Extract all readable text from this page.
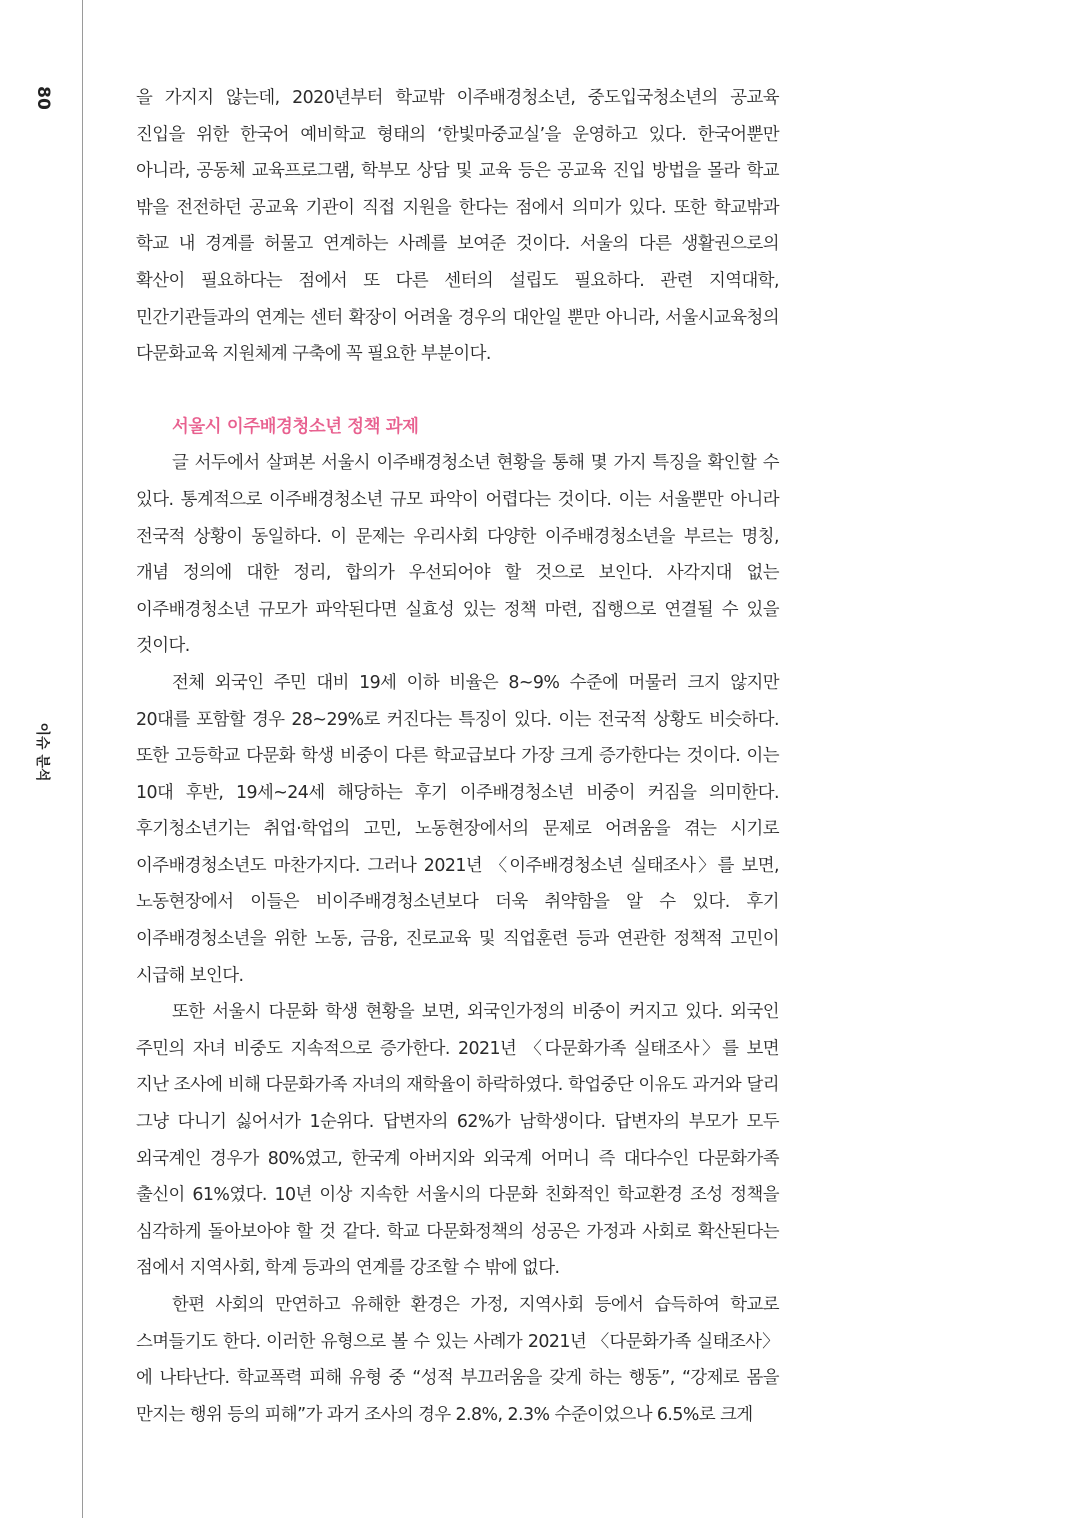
80
이슈 분석

을 가지지 않는데, 2020년부터 학교밖 이주배경청소년, 중도입국청소년의 공교육 진입을 위한 한국어 예비학교 형태의 ‘한빛마중교실’을 운영하고 있다. 한국어뿐만 아니라, 공동체 교육프로그램, 학부모 상담 및 교육 등은 공교육 진입 방법을 몰라 학교 밖을 전전하던 공교육 기관이 직접 지원을 한다는 점에서 의미가 있다. 또한 학교밖과 학교 내 경계를 허물고 연계하는 사례를 보여준 것이다. 서울의 다른 생활권으로의 확산이 필요하다는 점에서 또 다른 센터의 설립도 필요하다. 관련 지역대학, 민간기관들과의 연계는 센터 확장이 어려울 경우의 대안일 뿐만 아니라, 서울시교육청의 다문화교육 지원체계 구축에 꼭 필요한 부분이다.

서울시 이주배경청소년 정책 과제

글 서두에서 살펴본 서울시 이주배경청소년 현황을 통해 몇 가지 특징을 확인할 수 있다. 통계적으로 이주배경청소년 규모 파악이 어렵다는 것이다. 이는 서울뿐만 아니라 전국적 상황이 동일하다. 이 문제는 우리사회 다양한 이주배경청소년을 부르는 명칭, 개념 정의에 대한 정리, 합의가 우선되어야 할 것으로 보인다. 사각지대 없는 이주배경청소년 규모가 파악된다면 실효성 있는 정책 마련, 집행으로 연결될 수 있을 것이다.

전체 외국인 주민 대비 19세 이하 비율은 8~9% 수준에 머물러 크지 않지만 20대를 포함할 경우 28~29%로 커진다는 특징이 있다. 이는 전국적 상황도 비슷하다. 또한 고등학교 다문화 학생 비중이 다른 학교급보다 가장 크게 증가한다는 것이다. 이는 10대 후반, 19세~24세 해당하는 후기 이주배경청소년 비중이 커짐을 의미한다. 후기청소년기는 취업·학업의 고민, 노동현장에서의 문제로 어려움을 겪는 시기로 이주배경청소년도 마찬가지다. 그러나 2021년 〈이주배경청소년 실태조사〉를 보면, 노동현장에서 이들은 비이주배경청소년보다 더욱 취약함을 알 수 있다. 후기 이주배경청소년을 위한 노동, 금융, 진로교육 및 직업훈련 등과 연관한 정책적 고민이 시급해 보인다.

또한 서울시 다문화 학생 현황을 보면, 외국인가정의 비중이 커지고 있다. 외국인 주민의 자녀 비중도 지속적으로 증가한다. 2021년 〈다문화가족 실태조사〉를 보면 지난 조사에 비해 다문화가족 자녀의 재학율이 하락하였다. 학업중단 이유도 과거와 달리 그냥 다니기 싫어서가 1순위다. 답변자의 62%가 남학생이다. 답변자의 부모가 모두 외국계인 경우가 80%였고, 한국계 아버지와 외국계 어머니 즉 대다수인 다문화가족 출신이 61%였다. 10년 이상 지속한 서울시의 다문화 친화적인 학교환경 조성 정책을 심각하게 돌아보아야 할 것 같다. 학교 다문화정책의 성공은 가정과 사회로 확산된다는 점에서 지역사회, 학계 등과의 연계를 강조할 수 밖에 없다.

한편 사회의 만연하고 유해한 환경은 가정, 지역사회 등에서 습득하여 학교로 스며들기도 한다. 이러한 유형으로 볼 수 있는 사례가 2021년 〈다문화가족 실태조사〉에 나타난다. 학교폭력 피해 유형 중 “성적 부끄러움을 갖게 하는 행동”, “강제로 몸을 만지는 행위 등의 피해”가 과거 조사의 경우 2.8%, 2.3% 수준이었으나 6.5%로 크게
